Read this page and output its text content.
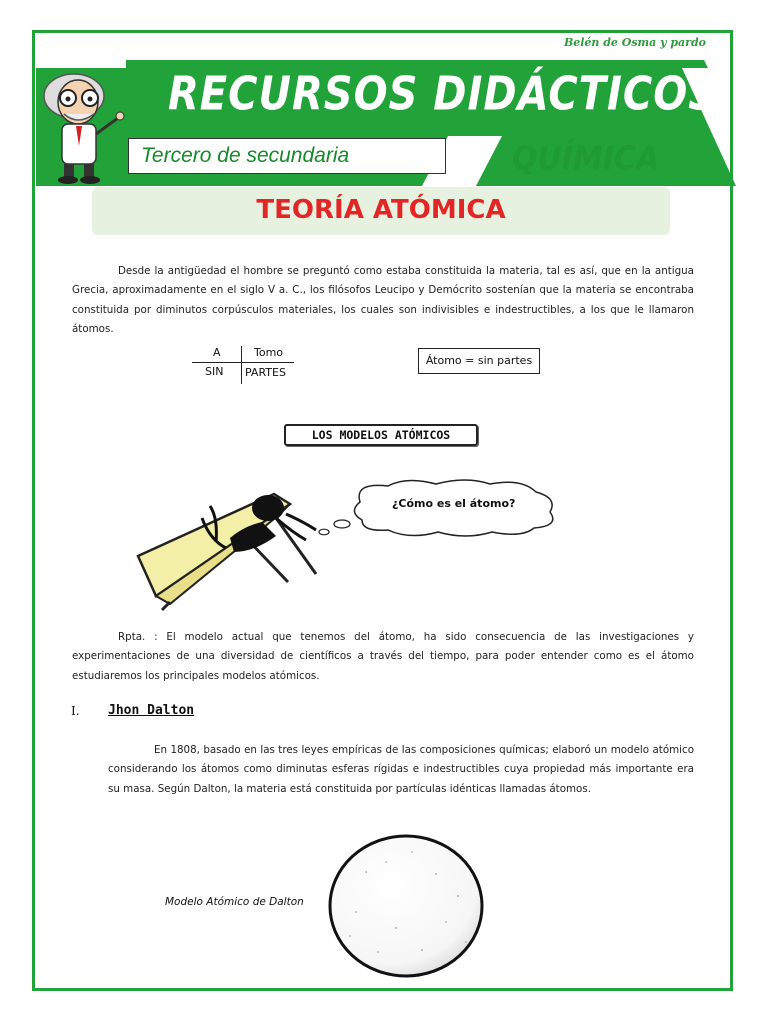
Belén de Osma y pardo
RECURSOS DIDÁCTICOS
Tercero de secundaria	QUÍMICA
TEORÍA ATÓMICA
Desde la antigüedad el hombre se preguntó como estaba constituida la materia, tal es así, que en la antigua Grecia, aproximadamente en el siglo V a. C., los filósofos Leucipo y Demócrito sostenían que la materia se encontraba constituida por diminutos corpúsculos materiales, los cuales son indivisibles e indestructibles, a los que le llamaron átomos.
A	Tomo
SIN PARTES
Átomo = sin partes
LOS MODELOS ATÓMICOS
¿Cómo es el átomo?
Rpta. : El modelo actual que tenemos del átomo, ha sido consecuencia de las investigaciones y experimentaciones de una diversidad de científicos a través del tiempo, para poder entender como es el átomo estudiaremos los principales modelos atómicos.
I. Jhon Dalton
En 1808, basado en las tres leyes empíricas de las composiciones químicas; elaboró un modelo atómico considerando los átomos como diminutas esferas rígidas e indestructibles cuya propiedad más importante era su masa. Según Dalton, la materia está constituida por partículas idénticas llamadas átomos.
Modelo Atómico de Dalton
